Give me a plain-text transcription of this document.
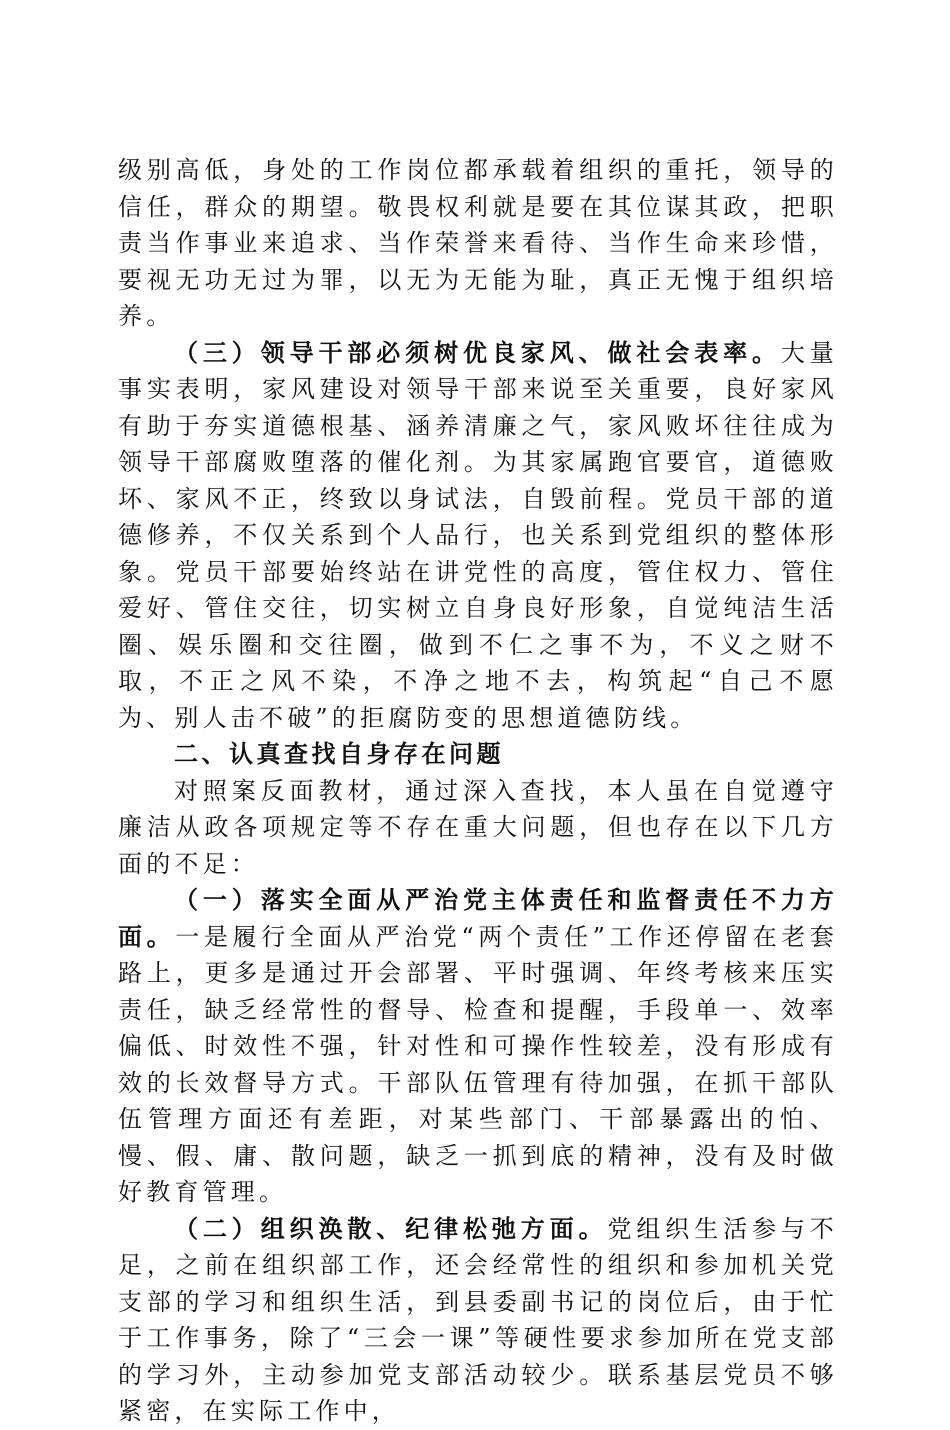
级别高低，身处的工作岗位都承载着组织的重托，领导的信任，群众的期望。敬畏权利就是要在其位谋其政，把职责当作事业来追求、当作荣誉来看待、当作生命来珍惜，要视无功无过为罪，以无为无能为耻，真正无愧于组织培养。

（三）领导干部必须树优良家风、做社会表率。大量事实表明，家风建设对领导干部来说至关重要，良好家风有助于夯实道德根基、涵养清廉之气，家风败坏往往成为领导干部腐败堕落的催化剂。为其家属跑官要官，道德败坏、家风不正，终致以身试法，自毁前程。党员干部的道德修养，不仅关系到个人品行，也关系到党组织的整体形象。党员干部要始终站在讲党性的高度，管住权力、管住爱好、管住交往，切实树立自身良好形象，自觉纯洁生活圈、娱乐圈和交往圈，做到不仁之事不为，不义之财不取，不正之风不染，不净之地不去，构筑起“自己不愿为、别人击不破”的拒腐防变的思想道德防线。

二、认真查找自身存在问题

对照案反面教材，通过深入查找，本人虽在自觉遵守廉洁从政各项规定等不存在重大问题，但也存在以下几方面的不足：

（一）落实全面从严治党主体责任和监督责任不力方面。一是履行全面从严治党“两个责任”工作还停留在老套路上，更多是通过开会部署、平时强调、年终考核来压实责任，缺乏经常性的督导、检查和提醒，手段单一、效率偏低、时效性不强，针对性和可操作性较差，没有形成有效的长效督导方式。干部队伍管理有待加强，在抓干部队伍管理方面还有差距，对某些部门、干部暴露出的怕、慢、假、庸、散问题，缺乏一抓到底的精神，没有及时做好教育管理。

（二）组织涣散、纪律松弛方面。党组织生活参与不足，之前在组织部工作，还会经常性的组织和参加机关党支部的学习和组织生活，到县委副书记的岗位后，由于忙于工作事务，除了“三会一课”等硬性要求参加所在党支部的学习外，主动参加党支部活动较少。联系基层党员不够紧密，在实际工作中，
